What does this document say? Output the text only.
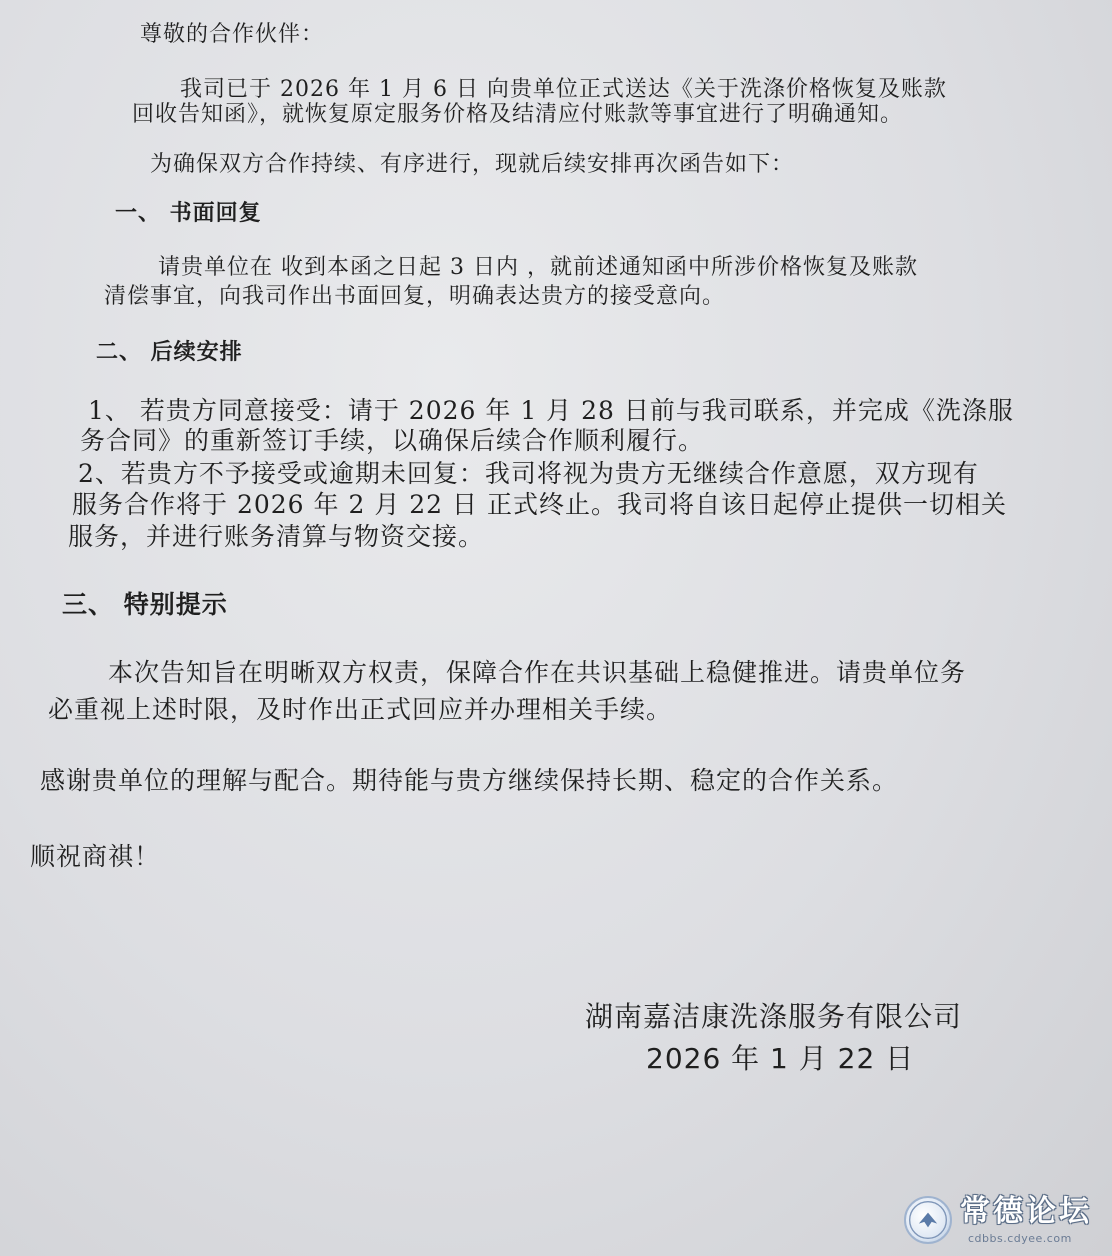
尊敬的合作伙伴：
我司已于 2026 年 1 月 6 日 向贵单位正式送达《关于洗涤价格恢复及账款
回收告知函》，就恢复原定服务价格及结清应付账款等事宜进行了明确通知。
为确保双方合作持续、有序进行，现就后续安排再次函告如下：
一、 书面回复
请贵单位在 收到本函之日起 3 日内 ，就前述通知函中所涉价格恢复及账款
清偿事宜，向我司作出书面回复，明确表达贵方的接受意向。
二、 后续安排
1、 若贵方同意接受：请于 2026 年 1 月 28 日前与我司联系，并完成《洗涤服
务合同》的重新签订手续，以确保后续合作顺利履行。
2、若贵方不予接受或逾期未回复：我司将视为贵方无继续合作意愿，双方现有
服务合作将于 2026 年 2 月 22 日 正式终止。我司将自该日起停止提供一切相关
服务，并进行账务清算与物资交接。
三、 特别提示
本次告知旨在明晰双方权责，保障合作在共识基础上稳健推进。请贵单位务
必重视上述时限，及时作出正式回应并办理相关手续。
感谢贵单位的理解与配合。期待能与贵方继续保持长期、稳定的合作关系。
顺祝商祺！
湖南嘉洁康洗涤服务有限公司
2026 年 1 月 22 日
常德论坛
cdbbs.cdyee.com
